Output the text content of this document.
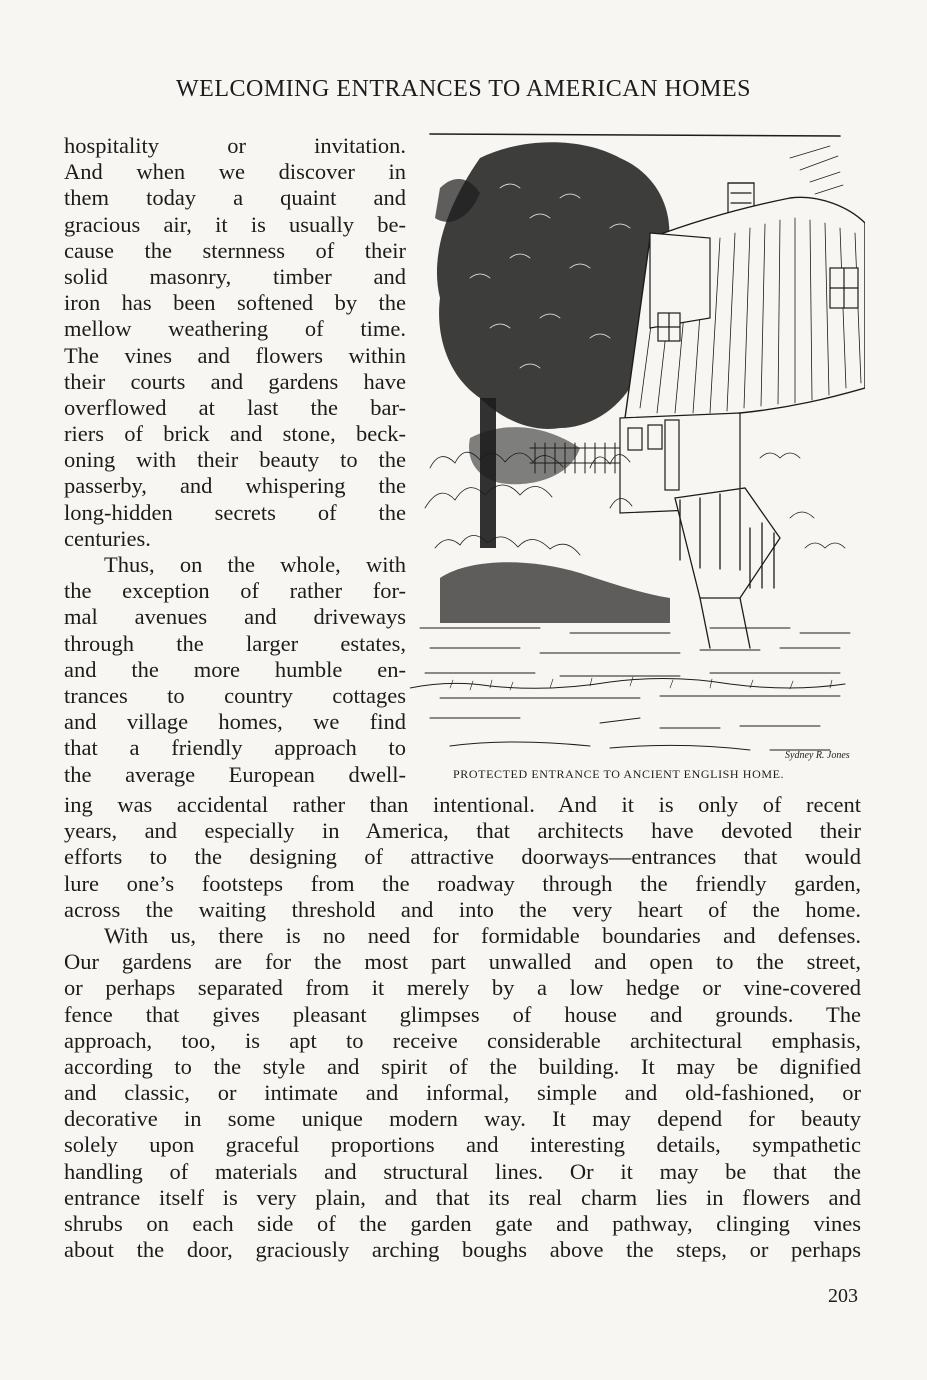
WELCOMING ENTRANCES TO AMERICAN HOMES
hospitality or invitation.
And when we discover in
them today a quaint and
gracious air, it is usually be-
cause the sternness of their
solid masonry, timber and
iron has been softened by the
mellow weathering of time.
The vines and flowers within
their courts and gardens have
overflowed at last the bar-
riers of brick and stone, beck-
oning with their beauty to the
passerby, and whispering the
long-hidden secrets of the
centuries.
Thus, on the whole, with
the exception of rather for-
mal avenues and driveways
through the larger estates,
and the more humble en-
trances to country cottages
and village homes, we find
that a friendly approach to
the average European dwell-
Sydney R. Jones
PROTECTED ENTRANCE TO ANCIENT ENGLISH HOME.
ing was accidental rather than intentional. And it is only of recent
years, and especially in America, that architects have devoted their
efforts to the designing of attractive doorways—entrances that would
lure one’s footsteps from the roadway through the friendly garden,
across the waiting threshold and into the very heart of the home.
With us, there is no need for formidable boundaries and defenses.
Our gardens are for the most part unwalled and open to the street,
or perhaps separated from it merely by a low hedge or vine-covered
fence that gives pleasant glimpses of house and grounds. The
approach, too, is apt to receive considerable architectural emphasis,
according to the style and spirit of the building. It may be dignified
and classic, or intimate and informal, simple and old-fashioned, or
decorative in some unique modern way. It may depend for beauty
solely upon graceful proportions and interesting details, sympathetic
handling of materials and structural lines. Or it may be that the
entrance itself is very plain, and that its real charm lies in flowers and
shrubs on each side of the garden gate and pathway, clinging vines
about the door, graciously arching boughs above the steps, or perhaps
203
